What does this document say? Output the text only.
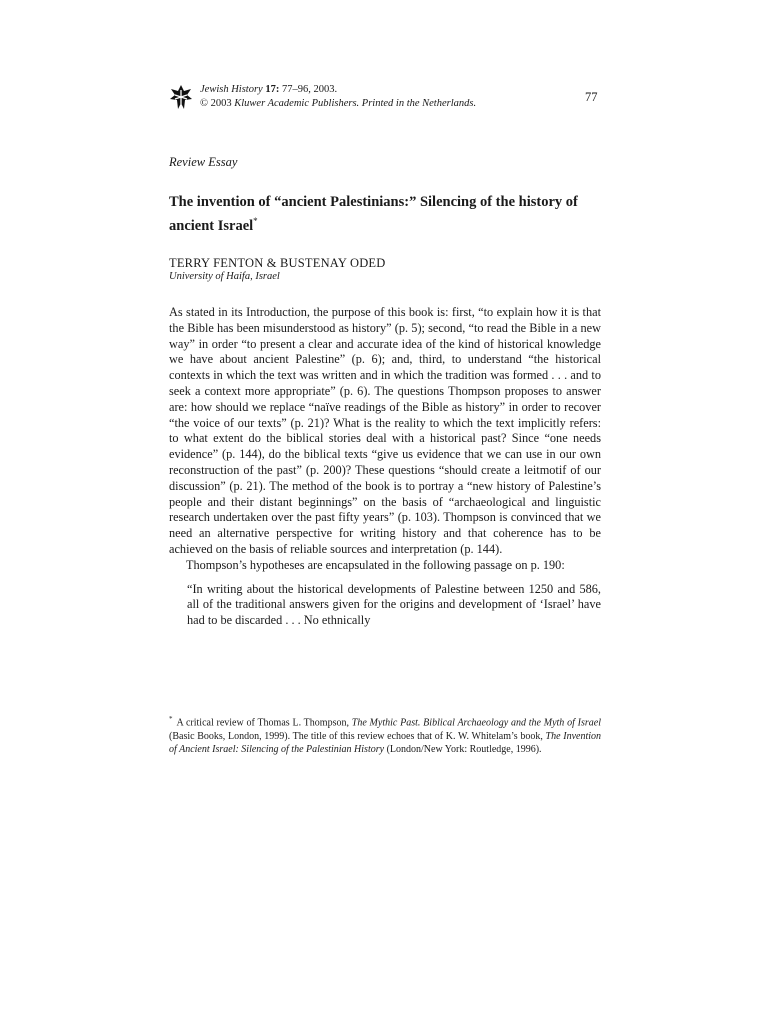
Jewish History 17: 77–96, 2003.
© 2003 Kluwer Academic Publishers. Printed in the Netherlands.	77
Review Essay
The invention of “ancient Palestinians:” Silencing of the history of ancient Israel*
TERRY FENTON & BUSTENAY ODED
University of Haifa, Israel

As stated in its Introduction, the purpose of this book is: first, “to explain how it is that the Bible has been misunderstood as history” (p. 5); second, “to read the Bible in a new way” in order “to present a clear and accurate idea of the kind of historical knowledge we have about ancient Palestine” (p. 6); and, third, to understand “the historical contexts in which the text was written and in which the tradition was formed . . . and to seek a context more appropriate” (p. 6). The questions Thompson proposes to answer are: how should we replace “naïve readings of the Bible as history” in order to recover “the voice of our texts” (p. 21)? What is the reality to which the text implicitly refers: to what extent do the biblical stories deal with a historical past? Since “one needs evidence” (p. 144), do the biblical texts “give us evidence that we can use in our own reconstruction of the past” (p. 200)? These questions “should create a leitmotif of our discussion” (p. 21). The method of the book is to portray a “new history of Palestine’s people and their distant beginnings” on the basis of “archaeological and linguistic research undertaken over the past fifty years” (p. 103). Thompson is convinced that we need an alternative perspective for writing history and that coherence has to be achieved on the basis of reliable sources and interpretation (p. 144).

Thompson’s hypotheses are encapsulated in the following passage on p. 190:

“In writing about the historical developments of Palestine between 1250 and 586, all of the traditional answers given for the origins and development of ‘Israel’ have had to be discarded . . . No ethnically

* A critical review of Thomas L. Thompson, The Mythic Past. Biblical Archaeology and the Myth of Israel (Basic Books, London, 1999). The title of this review echoes that of K. W. Whitelam’s book, The Invention of Ancient Israel: Silencing of the Palestinian History (London/New York: Routledge, 1996).
